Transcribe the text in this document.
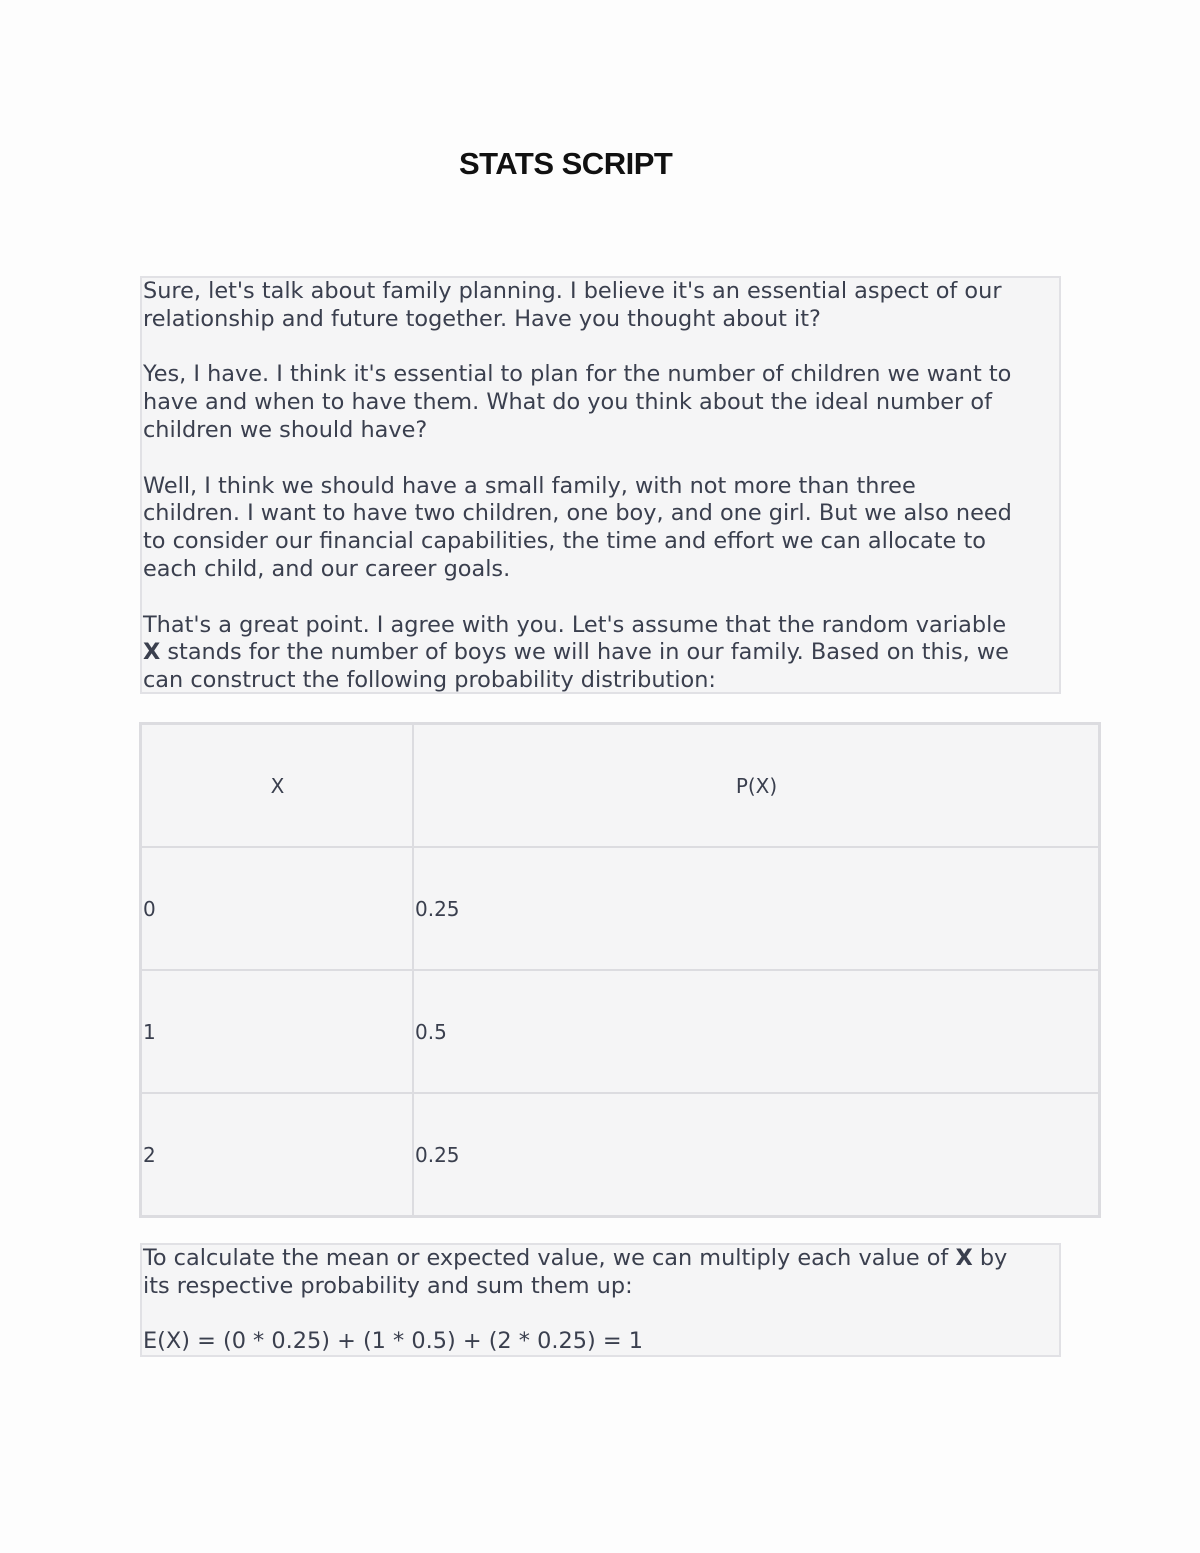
STATS SCRIPT

Sure, let's talk about family planning. I believe it's an essential aspect of our
relationship and future together. Have you thought about it?

Yes, I have. I think it's essential to plan for the number of children we want to
have and when to have them. What do you think about the ideal number of
children we should have?

Well, I think we should have a small family, with not more than three
children. I want to have two children, one boy, and one girl. But we also need
to consider our financial capabilities, the time and effort we can allocate to
each child, and our career goals.

That's a great point. I agree with you. Let's assume that the random variable
X stands for the number of boys we will have in our family. Based on this, we
can construct the following probability distribution:

X	P(X)
0	0.25
1	0.5
2	0.25

To calculate the mean or expected value, we can multiply each value of X by
its respective probability and sum them up:

E(X) = (0 * 0.25) + (1 * 0.5) + (2 * 0.25) = 1
